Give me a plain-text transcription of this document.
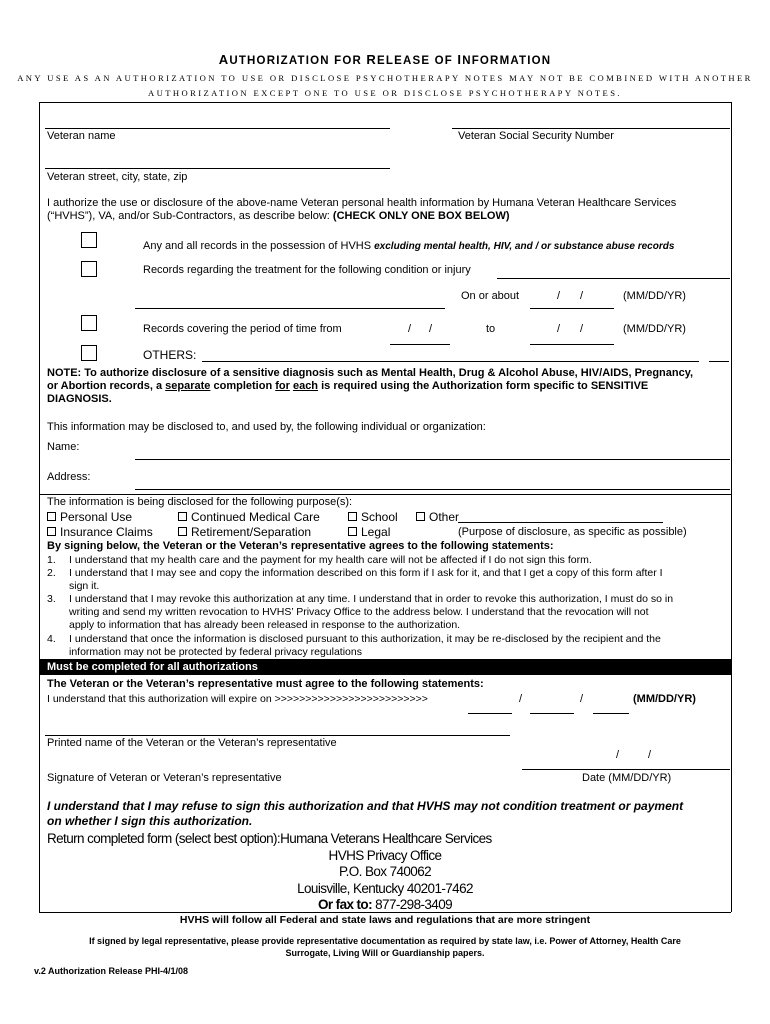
AUTHORIZATION FOR RELEASE OF INFORMATION
ANY USE AS AN AUTHORIZATION TO USE OR DISCLOSE PSYCHOTHERAPY NOTES MAY NOT BE COMBINED WITH ANOTHER
AUTHORIZATION EXCEPT ONE TO USE OR DISCLOSE PSYCHOTHERAPY NOTES.
Veteran name	Veteran Social Security Number
Veteran street, city, state, zip
I authorize the use or disclosure of the above-name Veteran personal health information by Humana Veteran Healthcare Services
(“HVHS”), VA, and/or Sub-Contractors, as describe below: (CHECK ONLY ONE BOX BELOW)
Any and all records in the possession of HVHS excluding mental health, HIV, and / or substance abuse records
Records regarding the treatment for the following condition or injury
On or about	/ /	(MM/DD/YR)
Records covering the period of time from	/ /	to	/ /	(MM/DD/YR)
OTHERS:
NOTE: To authorize disclosure of a sensitive diagnosis such as Mental Health, Drug & Alcohol Abuse, HIV/AIDS, Pregnancy,
or Abortion records, a separate completion for each is required using the Authorization form specific to SENSITIVE
DIAGNOSIS.
This information may be disclosed to, and used by, the following individual or organization:
Name:
Address:
The information is being disclosed for the following purpose(s):
Personal Use	Continued Medical Care	School	Other
Insurance Claims	Retirement/Separation	Legal	(Purpose of disclosure, as specific as possible)
By signing below, the Veteran or the Veteran’s representative agrees to the following statements:
1. I understand that my health care and the payment for my health care will not be affected if I do not sign this form.
2. I understand that I may see and copy the information described on this form if I ask for it, and that I get a copy of this form after I
sign it.
3. I understand that I may revoke this authorization at any time. I understand that in order to revoke this authorization, I must do so in
writing and send my written revocation to HVHS’ Privacy Office to the address below. I understand that the revocation will not
apply to information that has already been released in response to the authorization.
4. I understand that once the information is disclosed pursuant to this authorization, it may be re-disclosed by the recipient and the
information may not be protected by federal privacy regulations
Must be completed for all authorizations
The Veteran or the Veteran’s representative must agree to the following statements:
I understand that this authorization will expire on >>>>>>>>>>>>>>>>>>>>>>>>>	/	/	(MM/DD/YR)
Printed name of the Veteran or the Veteran’s representative
/	/
Signature of Veteran or Veteran’s representative	Date (MM/DD/YR)
I understand that I may refuse to sign this authorization and that HVHS may not condition treatment or payment
on whether I sign this authorization.
Return completed form (select best option):Humana Veterans Healthcare Services
HVHS Privacy Office
P.O. Box 740062
Louisville, Kentucky 40201-7462
Or fax to: 877-298-3409
HVHS will follow all Federal and state laws and regulations that are more stringent
If signed by legal representative, please provide representative documentation as required by state law, i.e. Power of Attorney, Health Care
Surrogate, Living Will or Guardianship papers.
v.2 Authorization Release PHI-4/1/08
